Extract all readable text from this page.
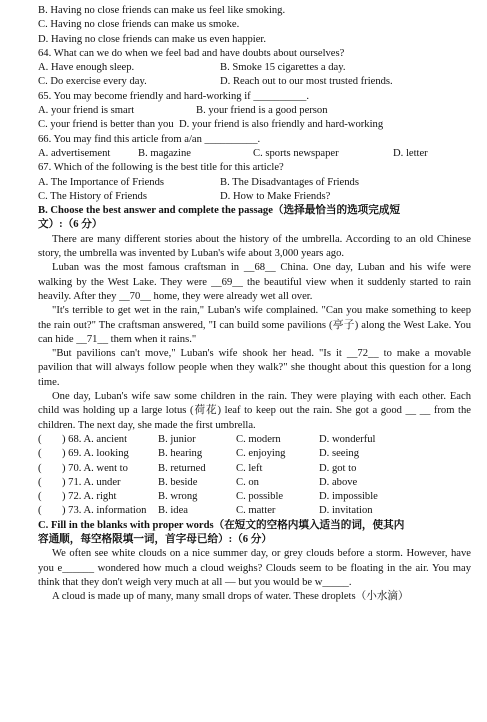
B. Having no close friends can make us feel like smoking.
C. Having no close friends can make us smoke.
D. Having no close friends can make us even happier.
64. What can we do when we feel bad and have doubts about ourselves?
A. Have enough sleep.	B. Smoke 15 cigarettes a day.
C. Do exercise every day.	D. Reach out to our most trusted friends.
65. You may become friendly and hard-working if __________.
A. your friend is smart	B. your friend is a good person
C. your friend is better than you D. your friend is also friendly and hard-working
66. You may find this article from a/an __________.
A. advertisement	B. magazine	C. sports newspaper	D. letter
67. Which of the following is the best title for this article?
A. The Importance of Friends	B. The Disadvantages of Friends
C. The History of Friends	D. How to Make Friends?
B. Choose the best answer and complete the passage（选择最恰当的选项完成短
文）:（6 分）

There are many different stories about the history of the umbrella. According to an old Chinese story, the umbrella was invented by Luban's wife about 3,000 years ago.

Luban was the most famous craftsman in __68__ China. One day, Luban and his wife were walking by the West Lake. They were __69__ the beautiful view when it suddenly started to rain heavily. After they __70__ home, they were already wet all over.

"It's terrible to get wet in the rain," Luban's wife complained. "Can you make something to keep the rain out?" The craftsman answered, "I can build some pavilions (亭子) along the West Lake. You can hide __71__ them when it rains."

"But pavilions can't move," Luban's wife shook her head. "Is it __72__ to make a movable pavilion that will always follow people when they walk?" she thought about this question for a long time.

One day, Luban's wife saw some children in the rain. They were playing with each other. Each child was holding up a large lotus (荷花) leaf to keep out the rain. She got a good __ __ from the children. The next day, she made the first umbrella.

(	) 68. A. ancient	B. junior	C. modern	D. wonderful
(	) 69. A. looking	B. hearing	C. enjoying	D. seeing
(	) 70. A. went to	B. returned	C. left	D. got to
(	) 71. A. under	B. beside	C. on	D. above
(	) 72. A. right	B. wrong	C. possible	D. impossible
(	) 73. A. information	B. idea	C. matter	D. invitation
C. Fill in the blanks with proper words（在短文的空格内填入适当的词，使其内
容通顺，每空格限填一词，首字母已给）:（6 分）

We often see white clouds on a nice summer day, or grey clouds before a storm. However, have you e______ wondered how much a cloud weighs? Clouds seem to be floating in the air. You may think that they don't weigh very much at all — but you would be w_____.

A cloud is made up of many, many small drops of water. These droplets（小水滴）
